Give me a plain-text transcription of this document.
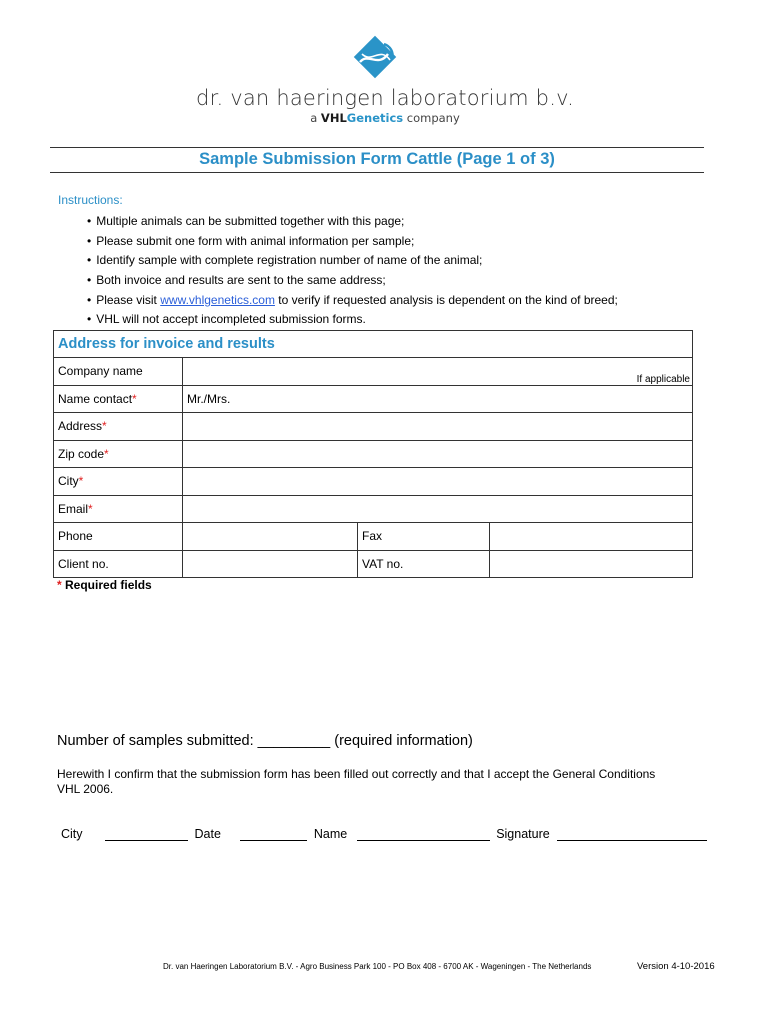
dr. van haeringen laboratorium b.v.
a VHLGenetics company
Sample Submission Form Cattle (Page 1 of 3)
Instructions:
• Multiple animals can be submitted together with this page;
• Please submit one form with animal information per sample;
• Identify sample with complete registration number of name of the animal;
• Both invoice and results are sent to the same address;
• Please visit www.vhlgenetics.com to verify if requested analysis is dependent on the kind of breed;
• VHL will not accept incompleted submission forms.
Address for invoice and results			
Company name	If applicable		
Name contact*	Mr./Mrs.		
Address*			
Zip code*			
City*			
Email*			
Phone		Fax	
Client no.		VAT no.	
* Required fields
Number of samples submitted: _________ (required information)
Herewith I confirm that the submission form has been filled out correctly and that I accept the General Conditions VHL 2006.
City	Date	Name	Signature
Dr. van Haeringen Laboratorium B.V. - Agro Business Park 100 - PO Box 408 - 6700 AK - Wageningen - The Netherlands	Version 4-10-2016
